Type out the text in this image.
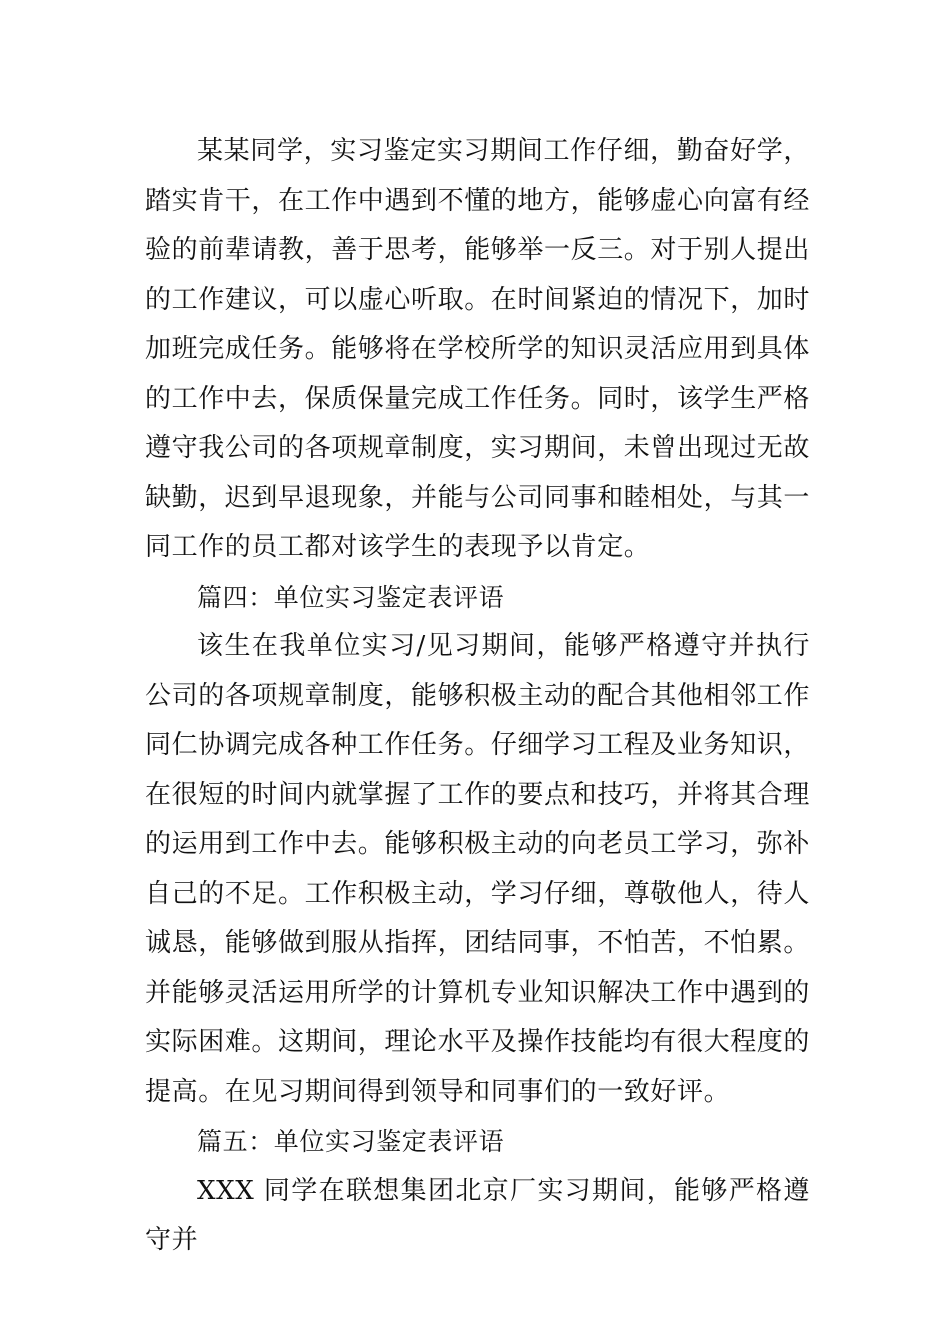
某某同学，实习鉴定实习期间工作仔细，勤奋好学，踏实肯干，在工作中遇到不懂的地方，能够虚心向富有经验的前辈请教，善于思考，能够举一反三。对于别人提出的工作建议，可以虚心听取。在时间紧迫的情况下，加时加班完成任务。能够将在学校所学的知识灵活应用到具体的工作中去，保质保量完成工作任务。同时，该学生严格遵守我公司的各项规章制度，实习期间，未曾出现过无故缺勤，迟到早退现象，并能与公司同事和睦相处，与其一同工作的员工都对该学生的表现予以肯定。

篇四：单位实习鉴定表评语

该生在我单位实习/见习期间，能够严格遵守并执行公司的各项规章制度，能够积极主动的配合其他相邻工作同仁协调完成各种工作任务。仔细学习工程及业务知识，在很短的时间内就掌握了工作的要点和技巧，并将其合理的运用到工作中去。能够积极主动的向老员工学习，弥补自己的不足。工作积极主动，学习仔细，尊敬他人，待人诚恳，能够做到服从指挥，团结同事，不怕苦，不怕累。并能够灵活运用所学的计算机专业知识解决工作中遇到的实际困难。这期间，理论水平及操作技能均有很大程度的提高。在见习期间得到领导和同事们的一致好评。

篇五：单位实习鉴定表评语

XXX 同学在联想集团北京厂实习期间，能够严格遵守并
